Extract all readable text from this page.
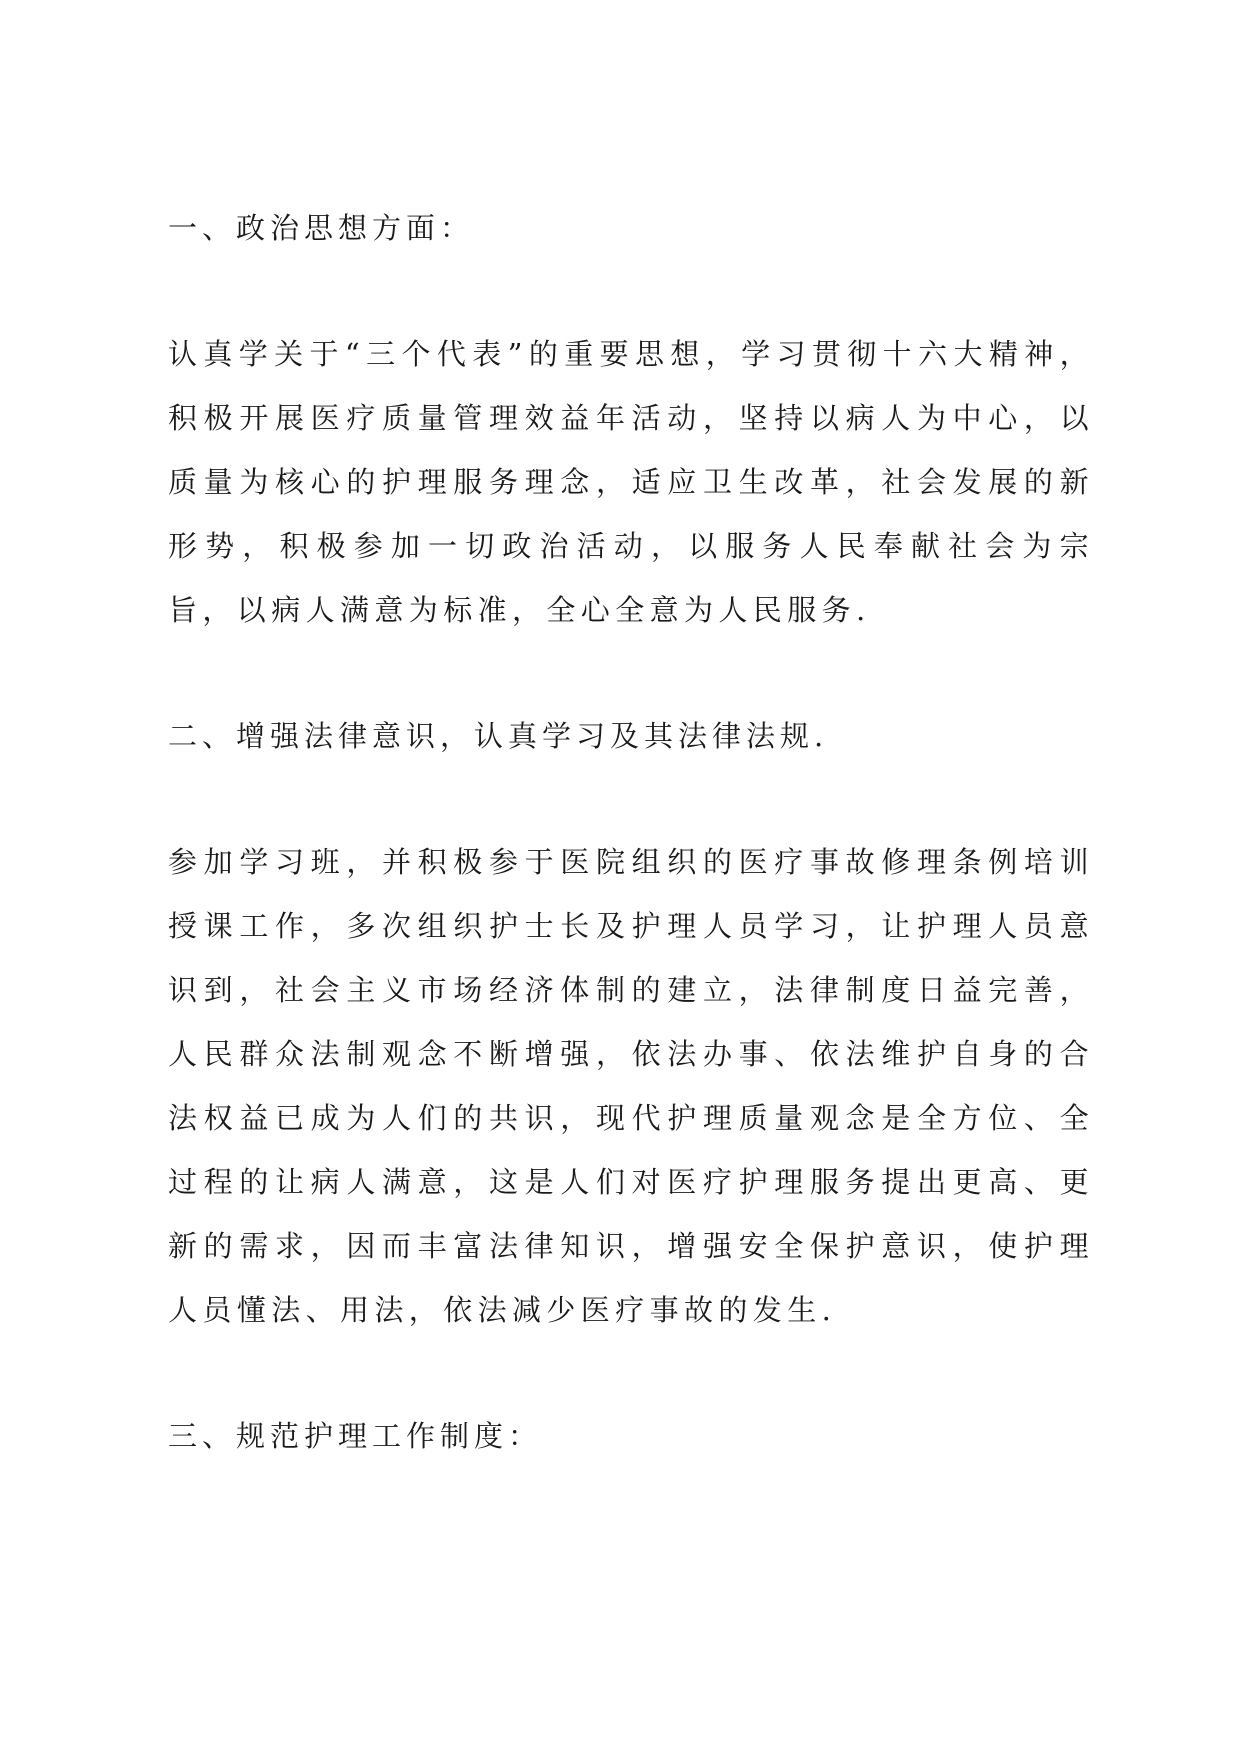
一、政治思想方面：

认真学关于“三个代表”的重要思想，学习贯彻十六大精神，积极开展医疗质量管理效益年活动，坚持以病人为中心，以质量为核心的护理服务理念，适应卫生改革，社会发展的新形势，积极参加一切政治活动，以服务人民奉献社会为宗旨，以病人满意为标准，全心全意为人民服务.

二、增强法律意识，认真学习及其法律法规.

参加学习班，并积极参于医院组织的医疗事故修理条例培训授课工作，多次组织护士长及护理人员学习，让护理人员意识到，社会主义市场经济体制的建立，法律制度日益完善，人民群众法制观念不断增强，依法办事、依法维护自身的合法权益已成为人们的共识，现代护理质量观念是全方位、全过程的让病人满意，这是人们对医疗护理服务提出更高、更新的需求，因而丰富法律知识，增强安全保护意识，使护理人员懂法、用法，依法减少医疗事故的发生.

三、规范护理工作制度：
